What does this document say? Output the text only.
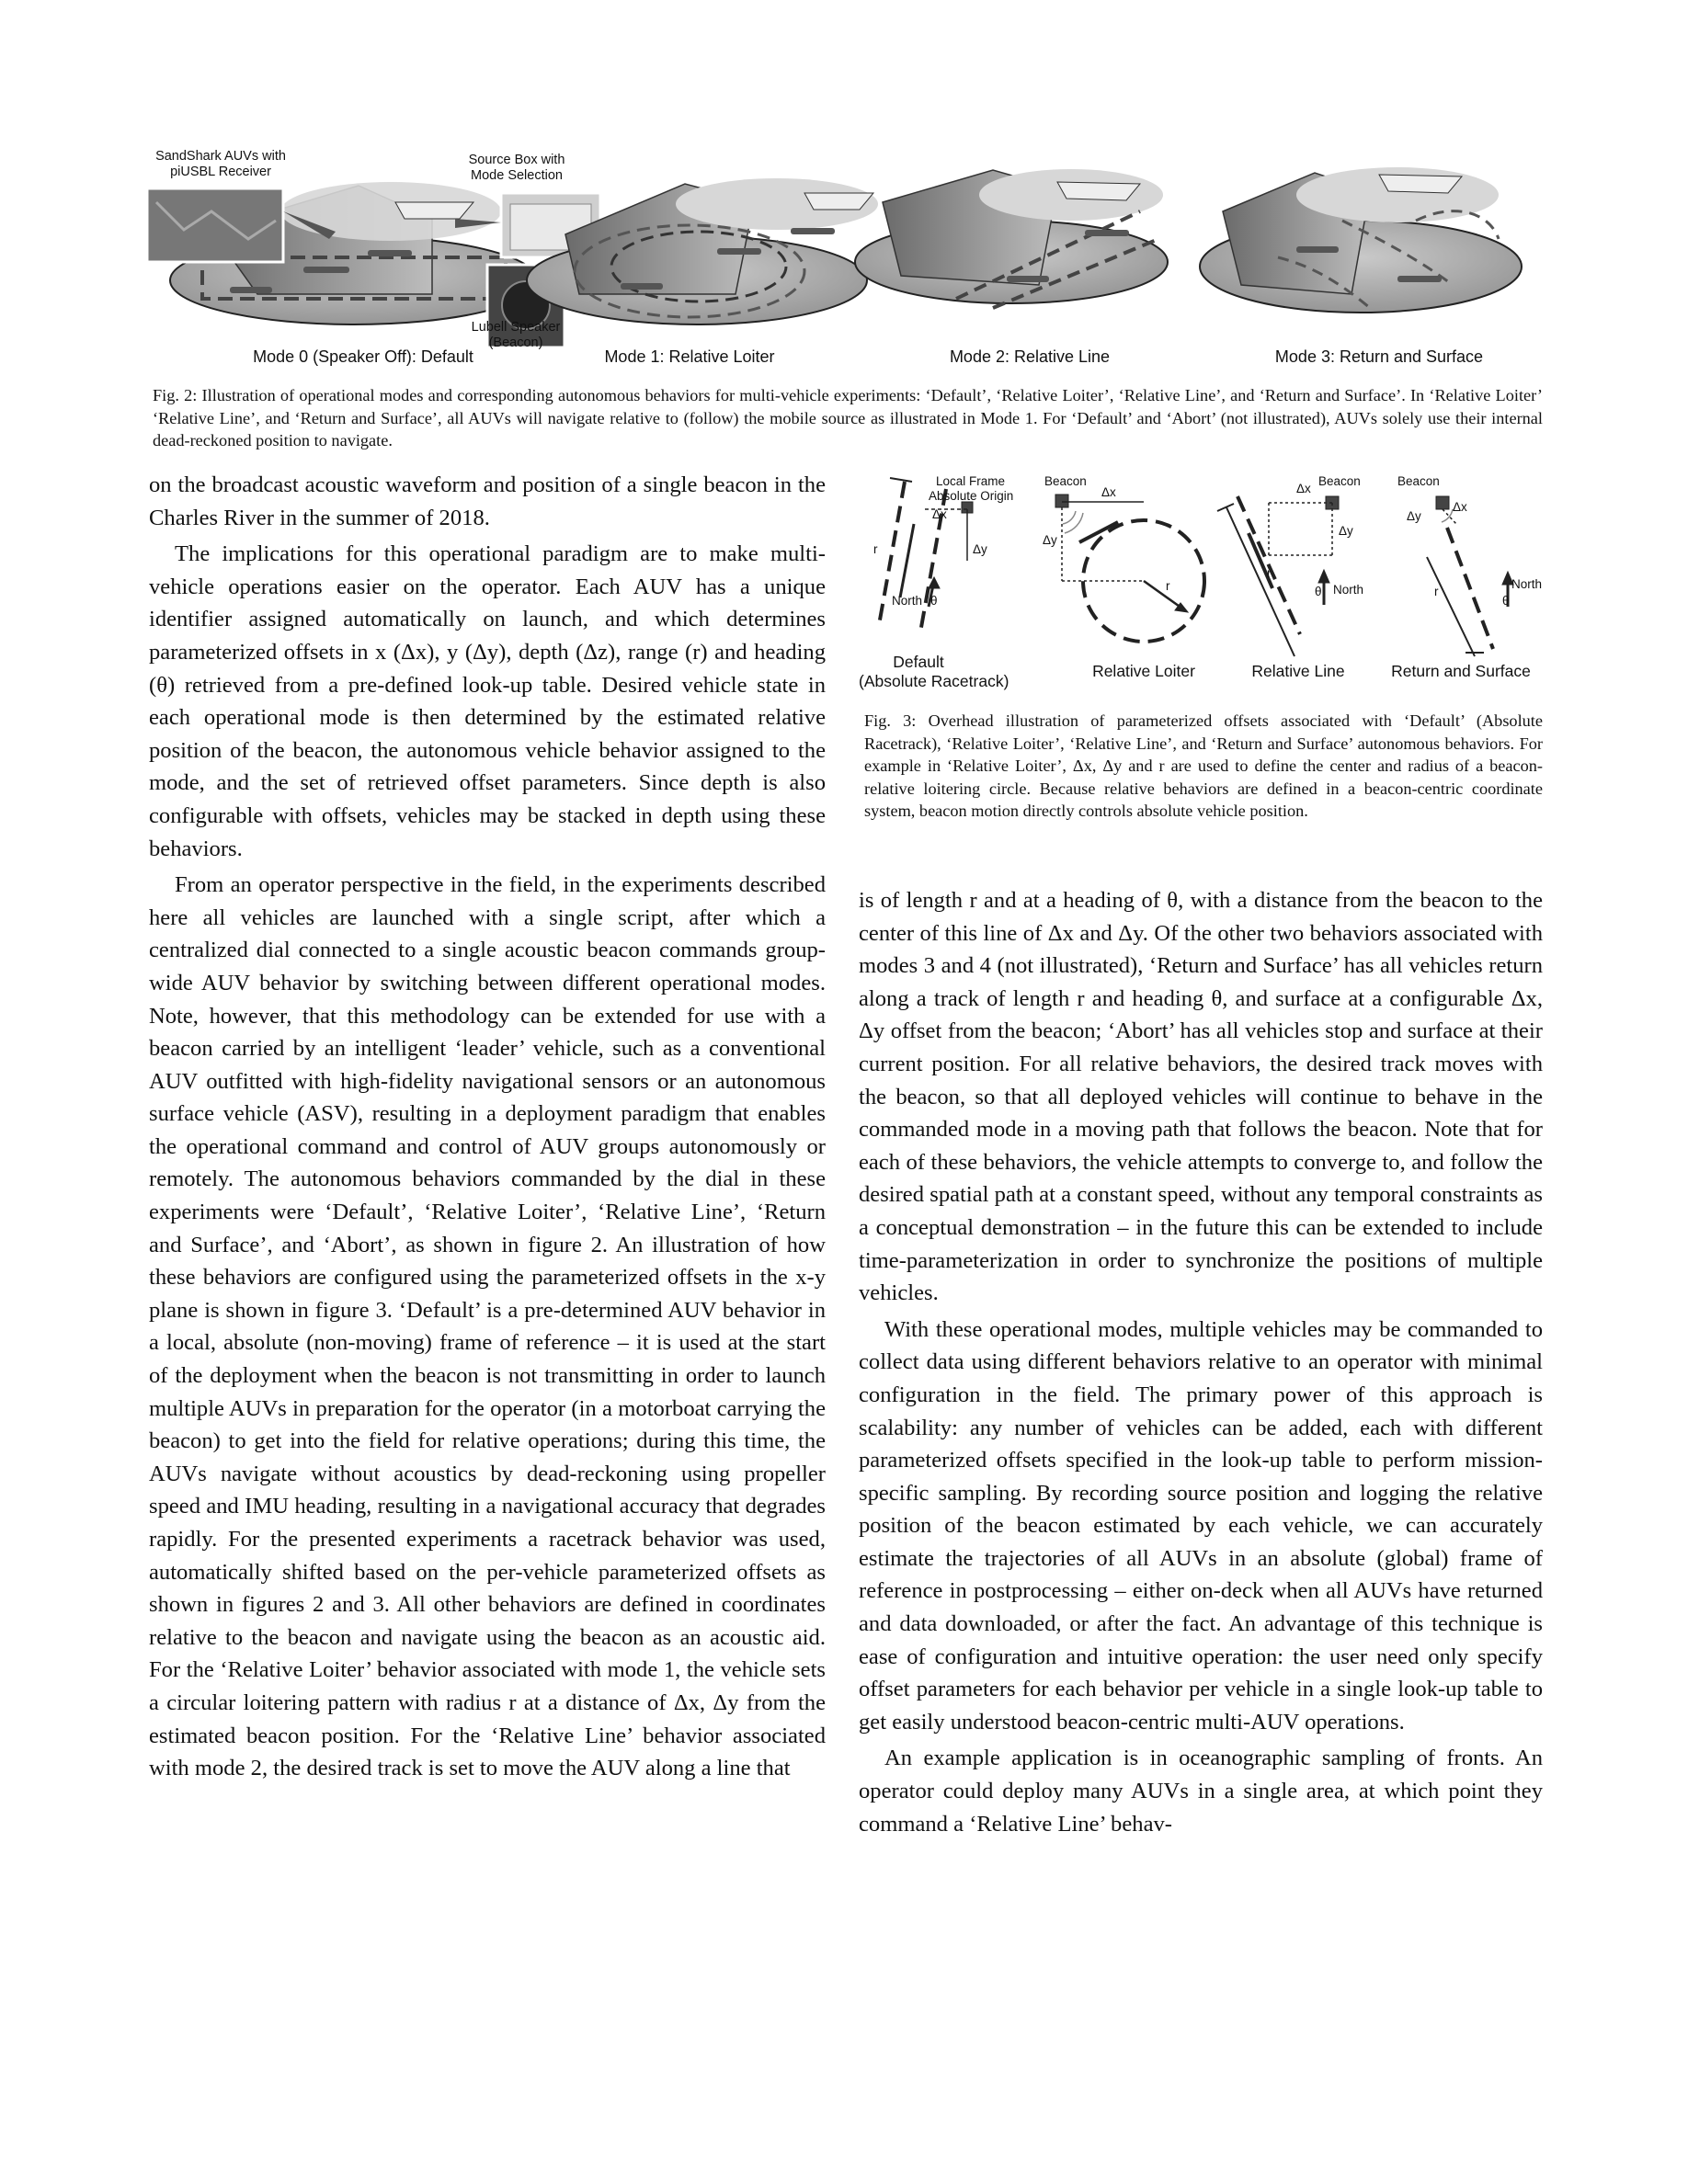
SandShark AUVs with piUSBL Receiver
Source Box with Mode Selection
Lubell Speaker (Beacon)
Mode 0 (Speaker Off): Default	Mode 1: Relative Loiter	Mode 2: Relative Line	Mode 3: Return and Surface
Fig. 2: Illustration of operational modes and corresponding autonomous behaviors for multi-vehicle experiments: ‘Default’, ‘Relative Loiter’, ‘Relative Line’, and ‘Return and Surface’. In ‘Relative Loiter’ ‘Relative Line’, and ‘Return and Surface’, all AUVs will navigate relative to (follow) the mobile source as illustrated in Mode 1. For ‘Default’ and ‘Abort’ (not illustrated), AUVs solely use their internal dead-reckoned position to navigate.
Local Frame
Absolute Origin
Δx
Δy
r
North θ
Beacon
Δx
Δy
r
Beacon
Δx
Δy
r
θ North
Beacon
Δy
Δx
r
θ
North
Default
(Absolute Racetrack)
Relative Loiter	Relative Line	Return and Surface
Fig. 3: Overhead illustration of parameterized offsets associated with ‘Default’ (Absolute Racetrack), ‘Relative Loiter’, ‘Relative Line’, and ‘Return and Surface’ autonomous behaviors. For example in ‘Relative Loiter’, Δx, Δy and r are used to define the center and radius of a beacon-relative loitering circle. Because relative behaviors are defined in a beacon-centric coordinate system, beacon motion directly controls absolute vehicle position.

on the broadcast acoustic waveform and position of a single beacon in the Charles River in the summer of 2018.

The implications for this operational paradigm are to make multi-vehicle operations easier on the operator. Each AUV has a unique identifier assigned automatically on launch, and which determines parameterized offsets in x (Δx), y (Δy), depth (Δz), range (r) and heading (θ) retrieved from a pre-defined look-up table. Desired vehicle state in each operational mode is then determined by the estimated relative position of the beacon, the autonomous vehicle behavior assigned to the mode, and the set of retrieved offset parameters. Since depth is also configurable with offsets, vehicles may be stacked in depth using these behaviors.

From an operator perspective in the field, in the experiments described here all vehicles are launched with a single script, after which a centralized dial connected to a single acoustic beacon commands group-wide AUV behavior by switching between different operational modes. Note, however, that this methodology can be extended for use with a beacon carried by an intelligent ‘leader’ vehicle, such as a conventional AUV outfitted with high-fidelity navigational sensors or an autonomous surface vehicle (ASV), resulting in a deployment paradigm that enables the operational command and control of AUV groups autonomously or remotely. The autonomous behaviors commanded by the dial in these experiments were ‘Default’, ‘Relative Loiter’, ‘Relative Line’, ‘Return and Surface’, and ‘Abort’, as shown in figure 2. An illustration of how these behaviors are configured using the parameterized offsets in the x-y plane is shown in figure 3. ‘Default’ is a pre-determined AUV behavior in a local, absolute (non-moving) frame of reference – it is used at the start of the deployment when the beacon is not transmitting in order to launch multiple AUVs in preparation for the operator (in a motorboat carrying the beacon) to get into the field for relative operations; during this time, the AUVs navigate without acoustics by dead-reckoning using propeller speed and IMU heading, resulting in a navigational accuracy that degrades rapidly. For the presented experiments a racetrack behavior was used, automatically shifted based on the per-vehicle parameterized offsets as shown in figures 2 and 3. All other behaviors are defined in coordinates relative to the beacon and navigate using the beacon as an acoustic aid. For the ‘Relative Loiter’ behavior associated with mode 1, the vehicle sets a circular loitering pattern with radius r at a distance of Δx, Δy from the estimated beacon position. For the ‘Relative Line’ behavior associated with mode 2, the desired track is set to move the AUV along a line that

is of length r and at a heading of θ, with a distance from the beacon to the center of this line of Δx and Δy. Of the other two behaviors associated with modes 3 and 4 (not illustrated), ‘Return and Surface’ has all vehicles return along a track of length r and heading θ, and surface at a configurable Δx, Δy offset from the beacon; ‘Abort’ has all vehicles stop and surface at their current position. For all relative behaviors, the desired track moves with the beacon, so that all deployed vehicles will continue to behave in the commanded mode in a moving path that follows the beacon. Note that for each of these behaviors, the vehicle attempts to converge to, and follow the desired spatial path at a constant speed, without any temporal constraints as a conceptual demonstration – in the future this can be extended to include time-parameterization in order to synchronize the positions of multiple vehicles.

With these operational modes, multiple vehicles may be commanded to collect data using different behaviors relative to an operator with minimal configuration in the field. The primary power of this approach is scalability: any number of vehicles can be added, each with different parameterized offsets specified in the look-up table to perform mission-specific sampling. By recording source position and logging the relative position of the beacon estimated by each vehicle, we can accurately estimate the trajectories of all AUVs in an absolute (global) frame of reference in postprocessing – either on-deck when all AUVs have returned and data downloaded, or after the fact. An advantage of this technique is ease of configuration and intuitive operation: the user need only specify offset parameters for each behavior per vehicle in a single look-up table to get easily understood beacon-centric multi-AUV operations.

An example application is in oceanographic sampling of fronts. An operator could deploy many AUVs in a single area, at which point they command a ‘Relative Line’ behav-
